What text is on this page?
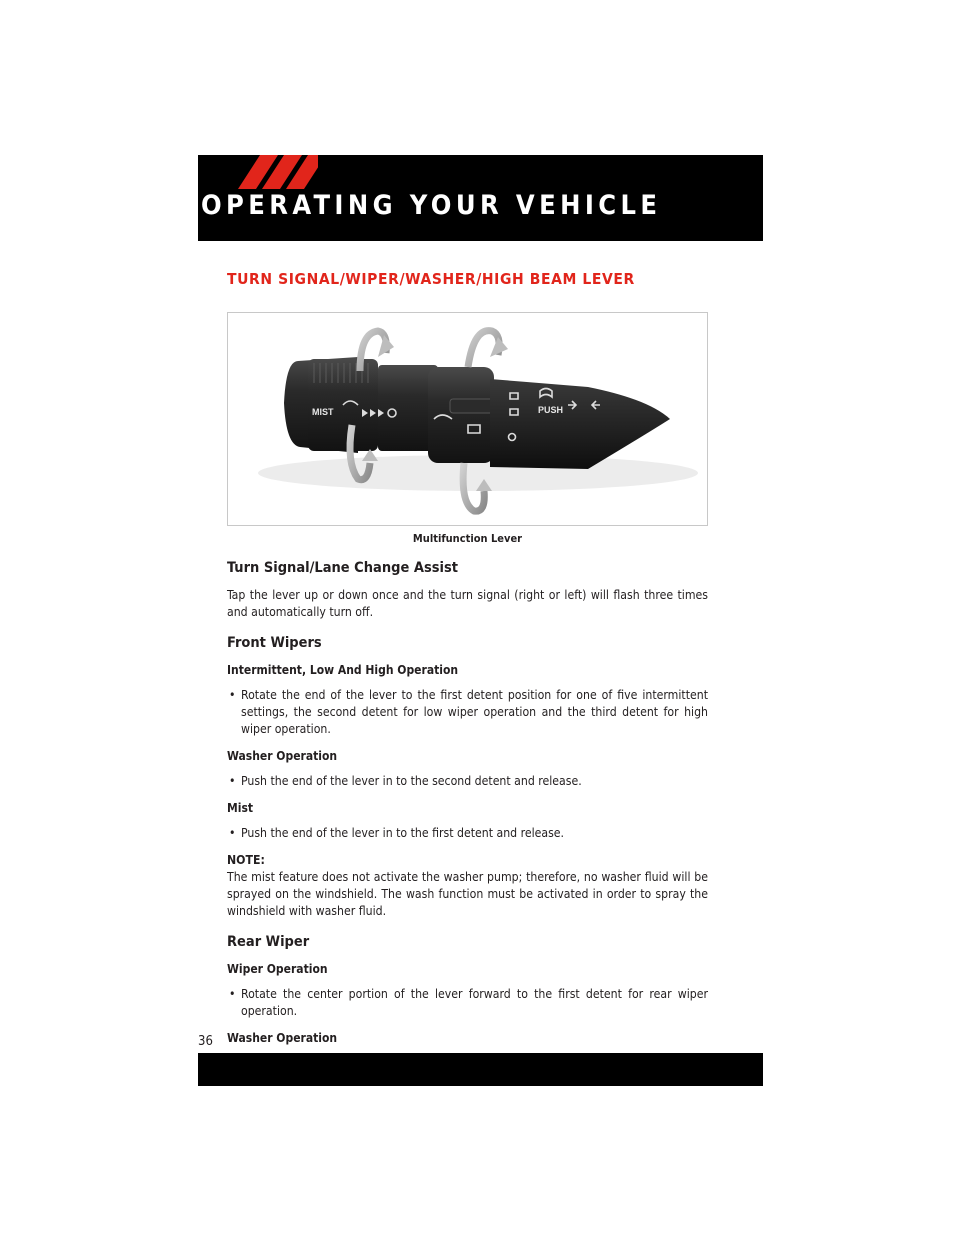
OPERATING YOUR VEHICLE
TURN SIGNAL/WIPER/WASHER/HIGH BEAM LEVER
MIST	PUSH
Multifunction Lever
Turn Signal/Lane Change Assist
Tap the lever up or down once and the turn signal (right or left) will flash three times and automatically turn off.
Front Wipers
Intermittent, Low And High Operation
• Rotate the end of the lever to the first detent position for one of five intermittent settings, the second detent for low wiper operation and the third detent for high wiper operation.
Washer Operation
• Push the end of the lever in to the second detent and release.
Mist
• Push the end of the lever in to the first detent and release.
NOTE:
The mist feature does not activate the washer pump; therefore, no washer fluid will be sprayed on the windshield. The wash function must be activated in order to spray the windshield with washer fluid.
Rear Wiper
Wiper Operation
• Rotate the center portion of the lever forward to the first detent for rear wiper operation.
Washer Operation
36
